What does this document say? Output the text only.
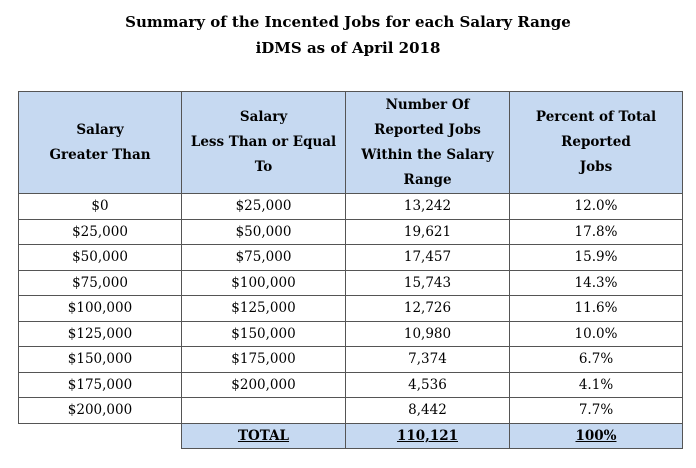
Summary of the Incented Jobs for each Salary Range
iDMS as of April 2018
Salary
Greater Than	Salary
Less Than or Equal
To	Number Of
Reported Jobs
Within the Salary
Range	Percent of Total
Reported
Jobs

$0	$25,000	13,242	12.0%
$25,000	$50,000	19,621	17.8%
$50,000	$75,000	17,457	15.9%
$75,000	$100,000	15,743	14.3%
$100,000	$125,000	12,726	11.6%
$125,000	$150,000	10,980	10.0%
$150,000	$175,000	7,374	6.7%
$175,000	$200,000	4,536	4.1%
$200,000		8,442	7.7%
	TOTAL	110,121	100%
